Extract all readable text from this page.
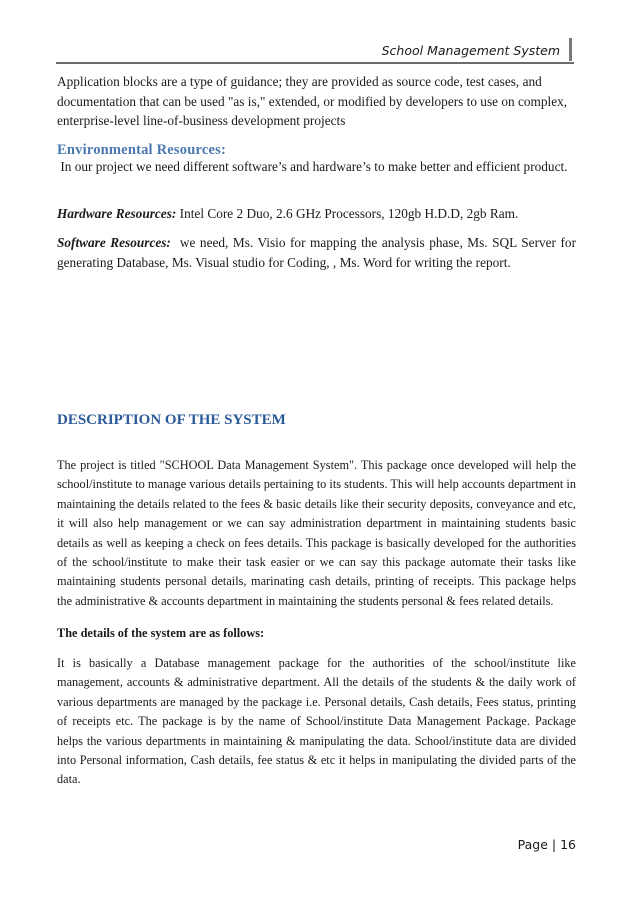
School Management System

Application blocks are a type of guidance; they are provided as source code, test cases, and documentation that can be used "as is," extended, or modified by developers to use on complex, enterprise-level line-of-business development projects

Environmental Resources:

In our project we need different software’s and hardware’s to make better and efficient product.

Hardware Resources: Intel Core 2 Duo, 2.6 GHz Processors, 120gb H.D.D, 2gb Ram.

Software Resources: we need, Ms. Visio for mapping the analysis phase, Ms. SQL Server for generating Database, Ms. Visual studio for Coding, , Ms. Word for writing the report.

DESCRIPTION OF THE SYSTEM

The project is titled "SCHOOL Data Management System". This package once developed will help the school/institute to manage various details pertaining to its students. This will help accounts department in maintaining the details related to the fees & basic details like their security deposits, conveyance and etc, it will also help management or we can say administration department in maintaining students basic details as well as keeping a check on fees details. This package is basically developed for the authorities of the school/institute to make their task easier or we can say this package automate their tasks like maintaining students personal details, marinating cash details, printing of receipts. This package helps the administrative & accounts department in maintaining the students personal & fees related details.

The details of the system are as follows:

It is basically a Database management package for the authorities of the school/institute like management, accounts & administrative department. All the details of the students & the daily work of various departments are managed by the package i.e. Personal details, Cash details, Fees status, printing of receipts etc. The package is by the name of School/institute Data Management Package. Package helps the various departments in maintaining & manipulating the data. School/institute data are divided into Personal information, Cash details, fee status & etc it helps in manipulating the divided parts of the data.

Page | 16
